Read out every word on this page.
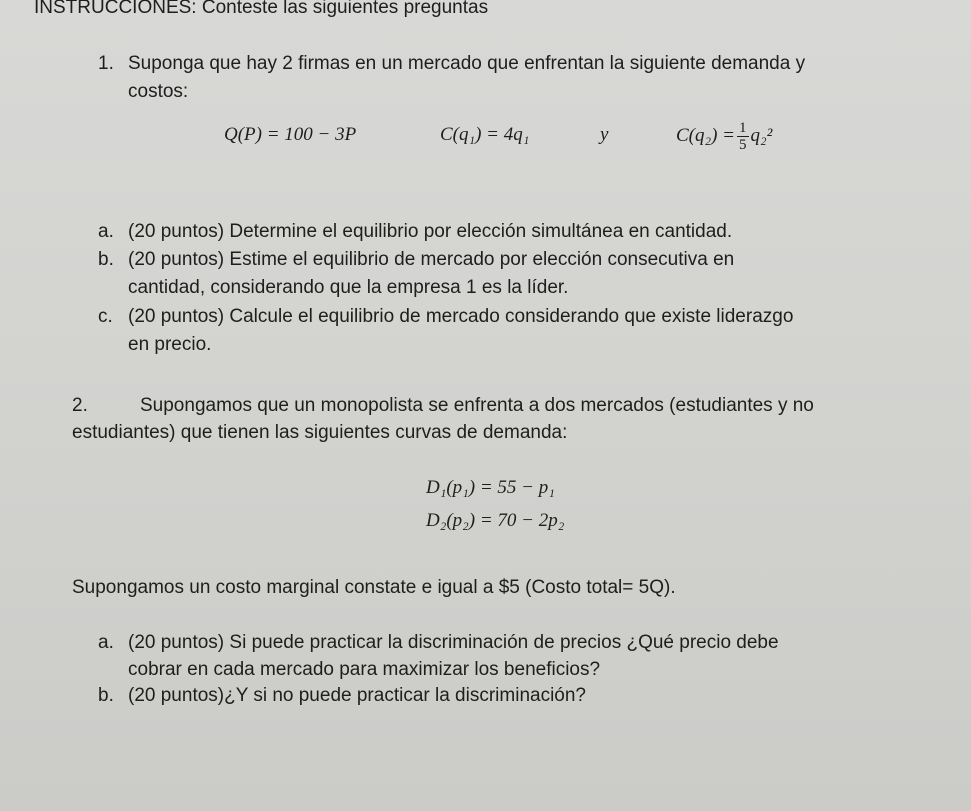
INSTRUCCIONES: Conteste las siguientes preguntas
1. Suponga que hay 2 firmas en un mercado que enfrentan la siguiente demanda y
costos:
Q(P) = 100 − 3P	C(q₁) = 4q₁	y	$C(q_2) = \frac{1}{5} q_2^2$
a. (20 puntos) Determine el equilibrio por elección simultánea en cantidad.
b. (20 puntos) Estime el equilibrio de mercado por elección consecutiva en
cantidad, considerando que la empresa 1 es la líder.
c. (20 puntos) Calcule el equilibrio de mercado considerando que existe liderazgo
en precio.
2.	Supongamos que un monopolista se enfrenta a dos mercados (estudiantes y no
estudiantes) que tienen las siguientes curvas de demanda:
D₁(p₁) = 55 − p₁
D₂(p₂) = 70 − 2p₂
Supongamos un costo marginal constate e igual a $5 (Costo total= 5Q).
a. (20 puntos) Si puede practicar la discriminación de precios ¿Qué precio debe
cobrar en cada mercado para maximizar los beneficios?
b. (20 puntos)¿Y si no puede practicar la discriminación?
